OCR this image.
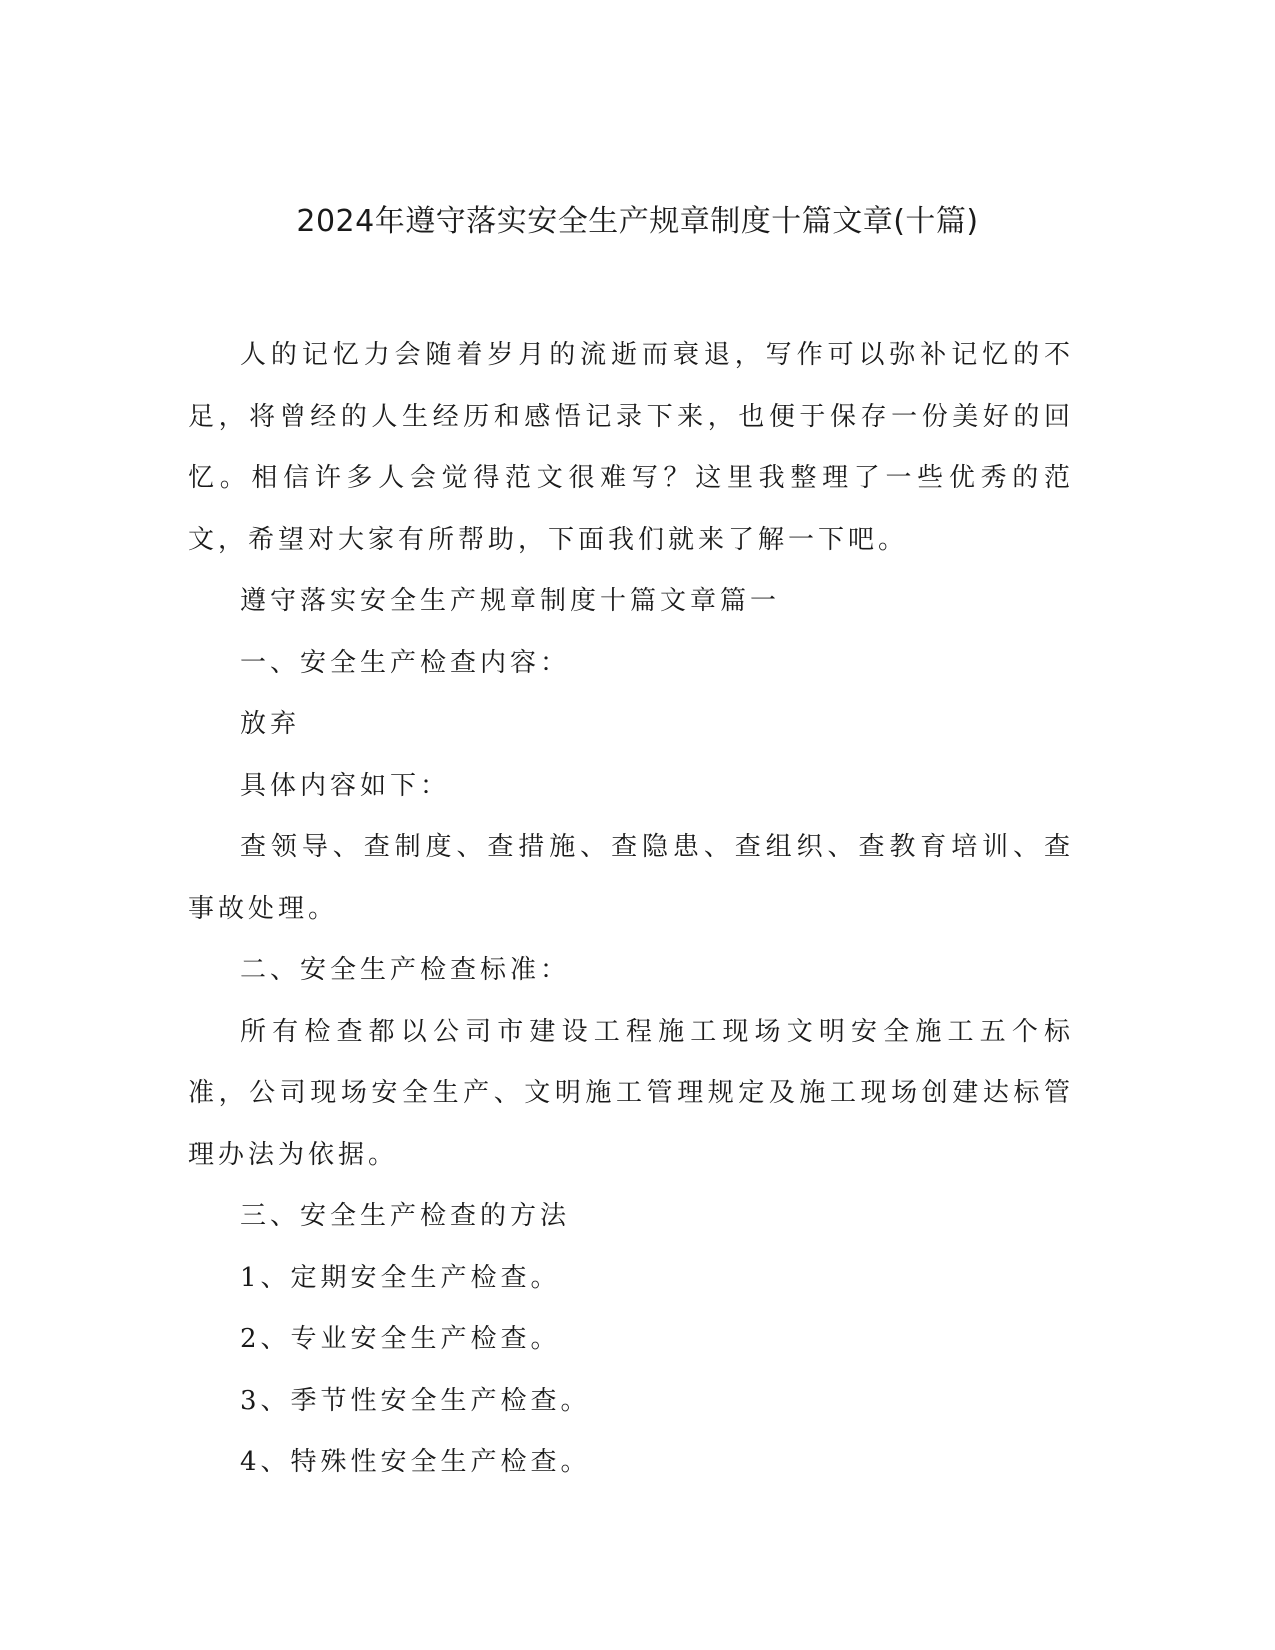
2024年遵守落实安全生产规章制度十篇文章(十篇)

人的记忆力会随着岁月的流逝而衰退，写作可以弥补记忆的不足，将曾经的人生经历和感悟记录下来，也便于保存一份美好的回忆。相信许多人会觉得范文很难写？这里我整理了一些优秀的范文，希望对大家有所帮助，下面我们就来了解一下吧。

遵守落实安全生产规章制度十篇文章篇一

一、安全生产检查内容：

放弃

具体内容如下：

查领导、查制度、查措施、查隐患、查组织、查教育培训、查事故处理。

二、安全生产检查标准：

所有检查都以公司市建设工程施工现场文明安全施工五个标准，公司现场安全生产、文明施工管理规定及施工现场创建达标管理办法为依据。

三、安全生产检查的方法

1、定期安全生产检查。

2、专业安全生产检查。

3、季节性安全生产检查。

4、特殊性安全生产检查。
